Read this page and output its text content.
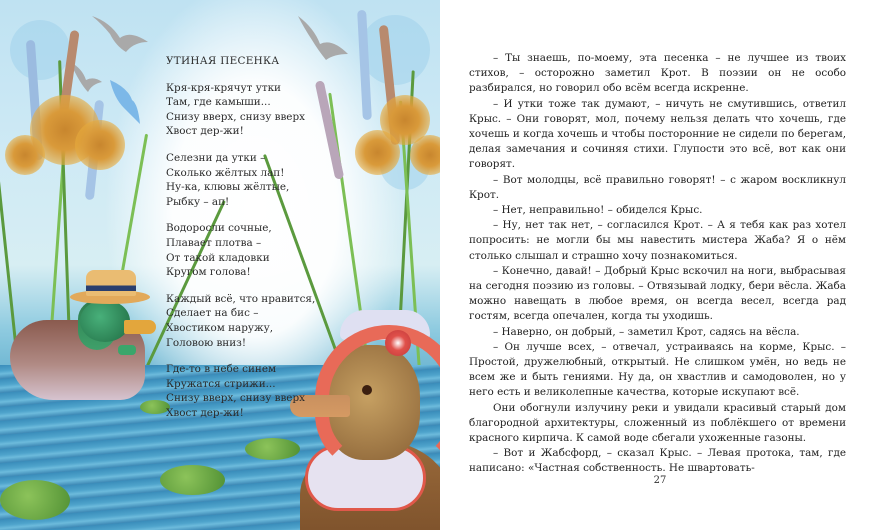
УТИНАЯ ПЕСЕНКА
Кря-кря-крячут утки
Там, где камыши...
Снизу вверх, снизу вверх
Хвост дер-жи!
Селезни да утки –
Сколько жёлтых лап!
Ну-ка, клювы жёлтые,
Рыбку – ап!
Водоросли сочные,
Плавает плотва –
От такой кладовки
Кругом голова!
Каждый всё, что нравится,
Сделает на бис –
Хвостиком наружу,
Головою вниз!
Где-то в небе синем
Кружатся стрижи...
Снизу вверх, снизу вверх
Хвост дер-жи!

– Ты знаешь, по-моему, эта песенка – не лучшее из твоих стихов, – осторожно заметил Крот. В поэзии он не особо разбирался, но говорил обо всём всегда искренне.

– И утки тоже так думают, – ничуть не смутившись, ответил Крыс. – Они говорят, мол, почему нельзя делать что хочешь, где хочешь и когда хочешь и чтобы посторонние не сидели по берегам, делая замечания и сочиняя стихи. Глупости это всё, вот как они говорят.

– Вот молодцы, всё правильно говорят! – с жаром воскликнул Крот.

– Нет, неправильно! – обиделся Крыс.

– Ну, нет так нет, – согласился Крот. – А я тебя как раз хотел попросить: не могли бы мы навестить мистера Жаба? Я о нём столько слышал и страшно хочу познакомиться.

– Конечно, давай! – Добрый Крыс вскочил на ноги, выбрасывая на сегодня поэзию из головы. – Отвязывай лодку, бери вёсла. Жаба можно навещать в любое время, он всегда весел, всегда рад гостям, всегда опечален, когда ты уходишь.

– Наверно, он добрый, – заметил Крот, садясь на вёсла.

– Он лучше всех, – отвечал, устраиваясь на корме, Крыс. – Простой, дружелюбный, открытый. Не слишком умён, но ведь не всем же и быть гениями. Ну да, он хвастлив и самодоволен, но у него есть и великолепные качества, которые искупают всё.

Они обогнули излучину реки и увидали красивый старый дом благородной архитектуры, сложенный из поблёкшего от времени красного кирпича. К самой воде сбегали ухоженные газоны.

– Вот и Жабсфорд, – сказал Крыс. – Левая протока, там, где написано: «Частная собственность. Не швартовать-

27
